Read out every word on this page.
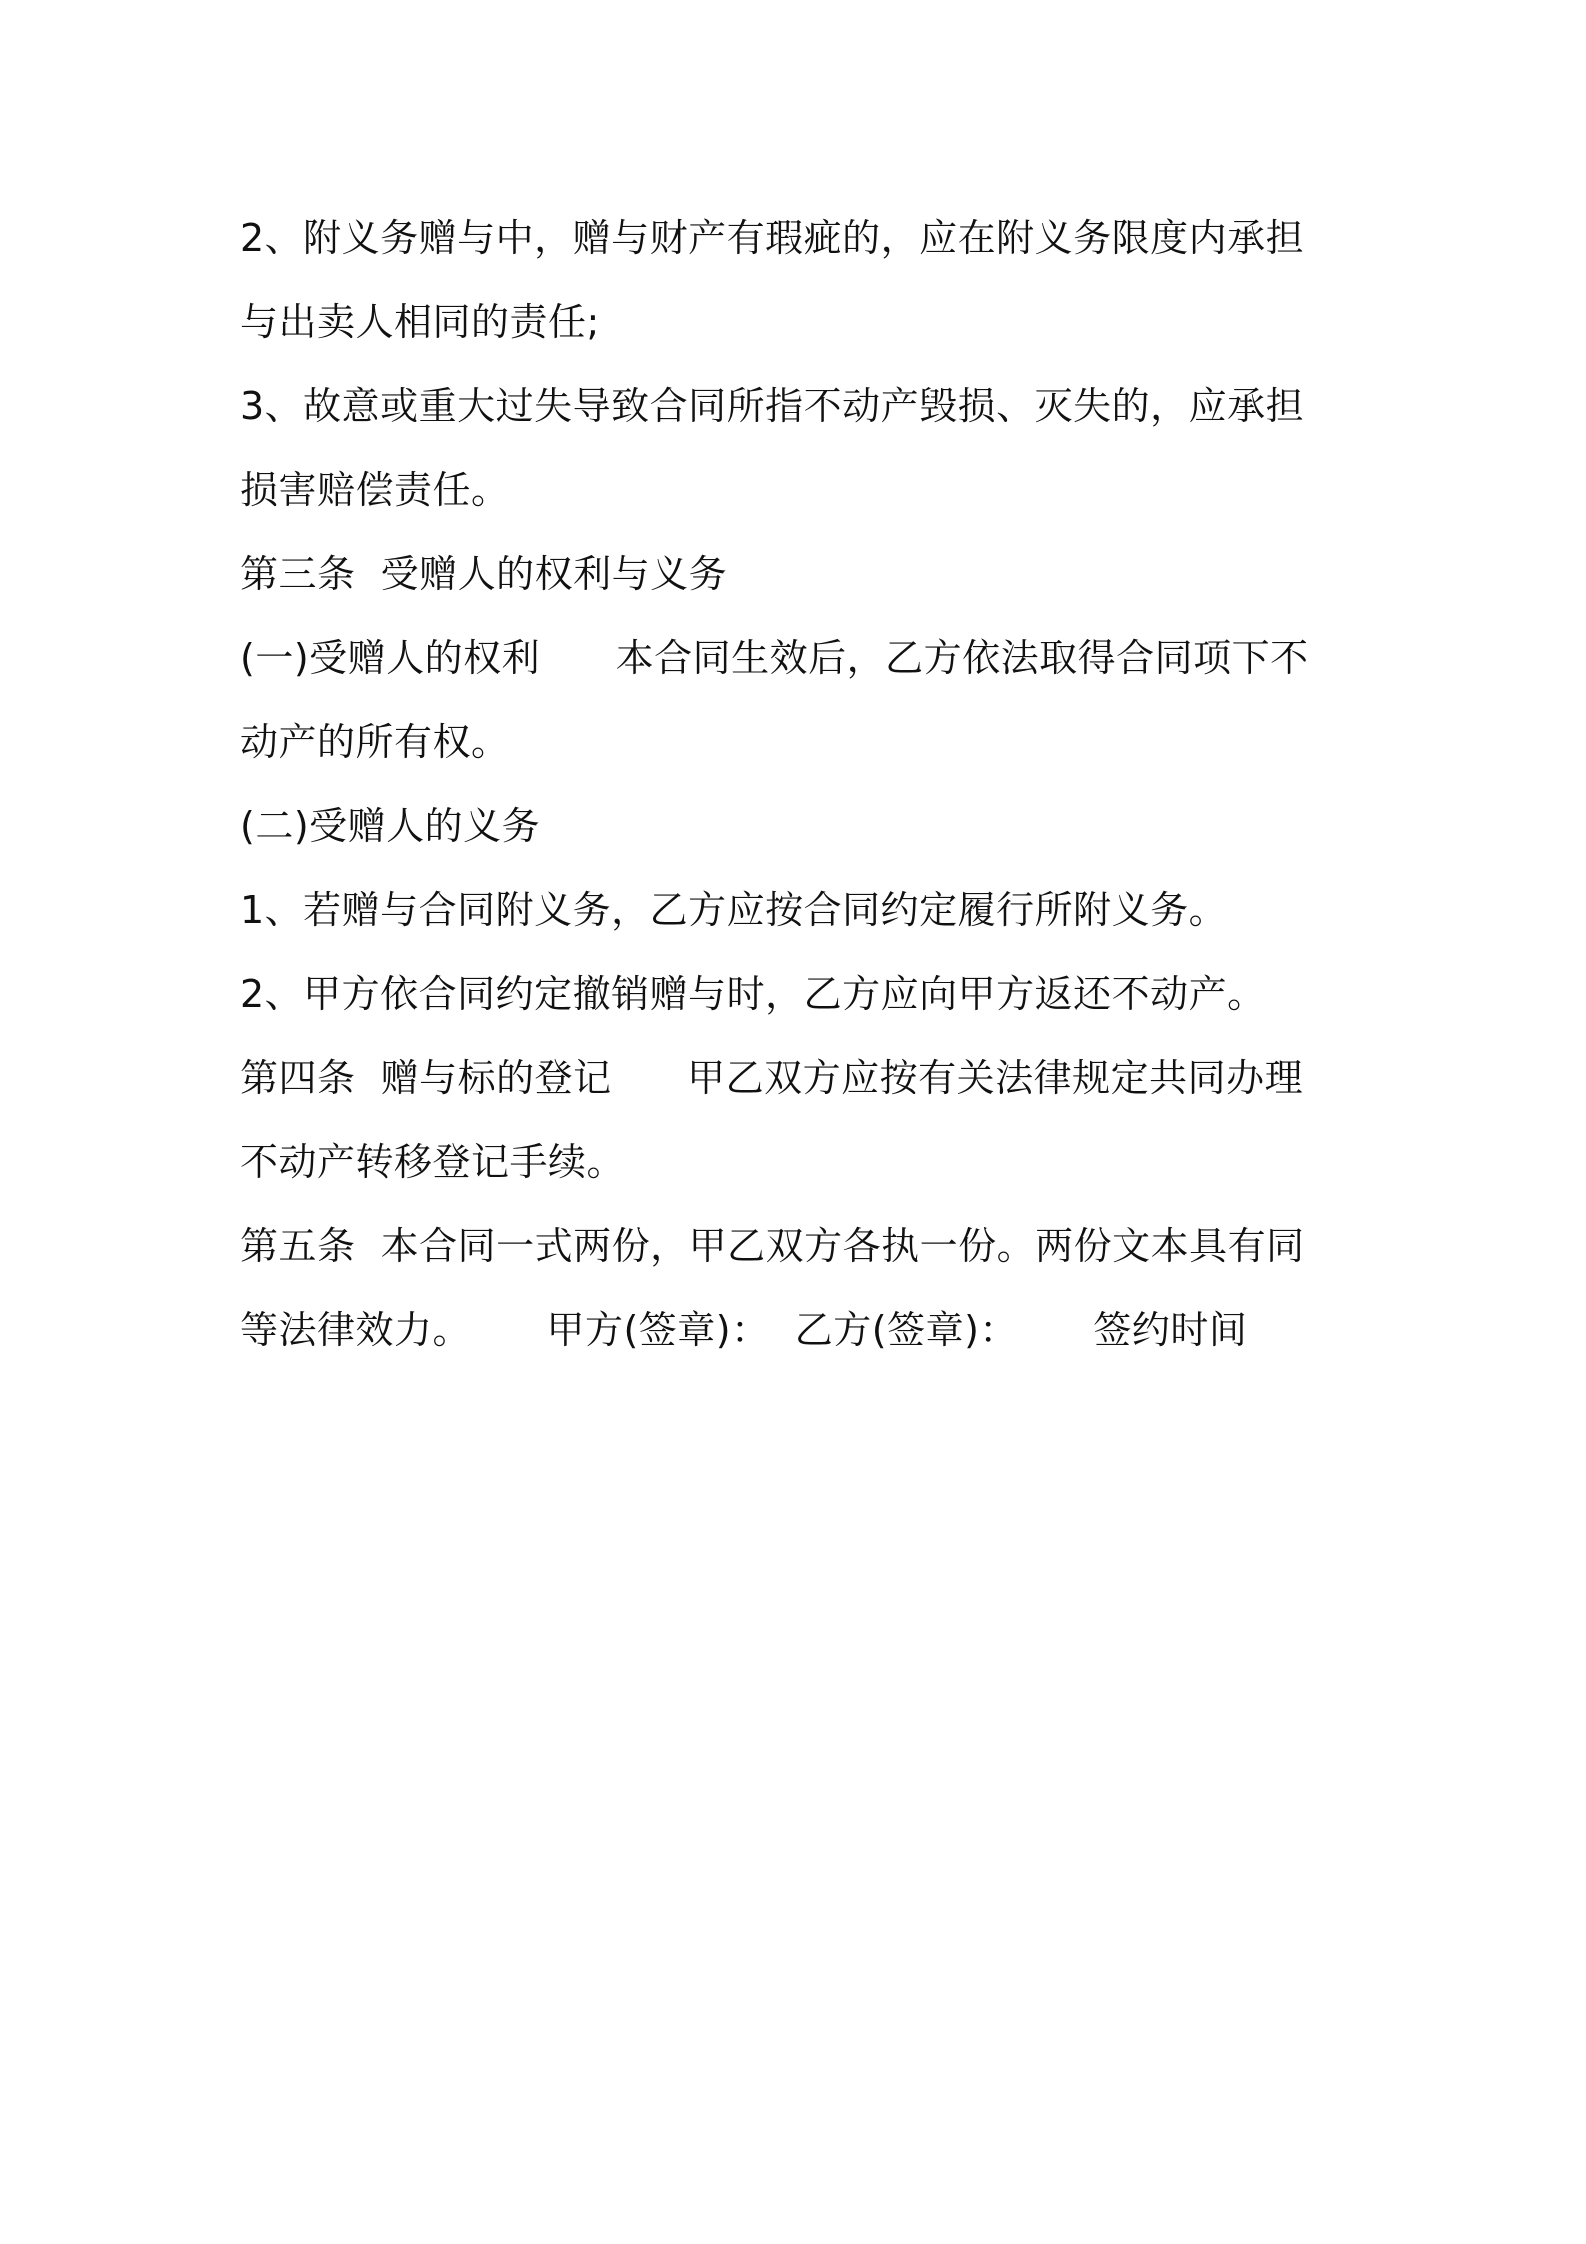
2、附义务赠与中，赠与财产有瑕疵的，应在附义务限度内承担
与出卖人相同的责任;
3、故意或重大过失导致合同所指不动产毁损、灭失的，应承担
损害赔偿责任。
第三条  受赠人的权利与义务
(一)受赠人的权利      本合同生效后，乙方依法取得合同项下不
动产的所有权。
(二)受赠人的义务
1、若赠与合同附义务，乙方应按合同约定履行所附义务。
2、甲方依合同约定撤销赠与时，乙方应向甲方返还不动产。
第四条  赠与标的登记      甲乙双方应按有关法律规定共同办理
不动产转移登记手续。
第五条  本合同一式两份，甲乙双方各执一份。两份文本具有同
等法律效力。      甲方(签章)：  乙方(签章)：      签约时间
